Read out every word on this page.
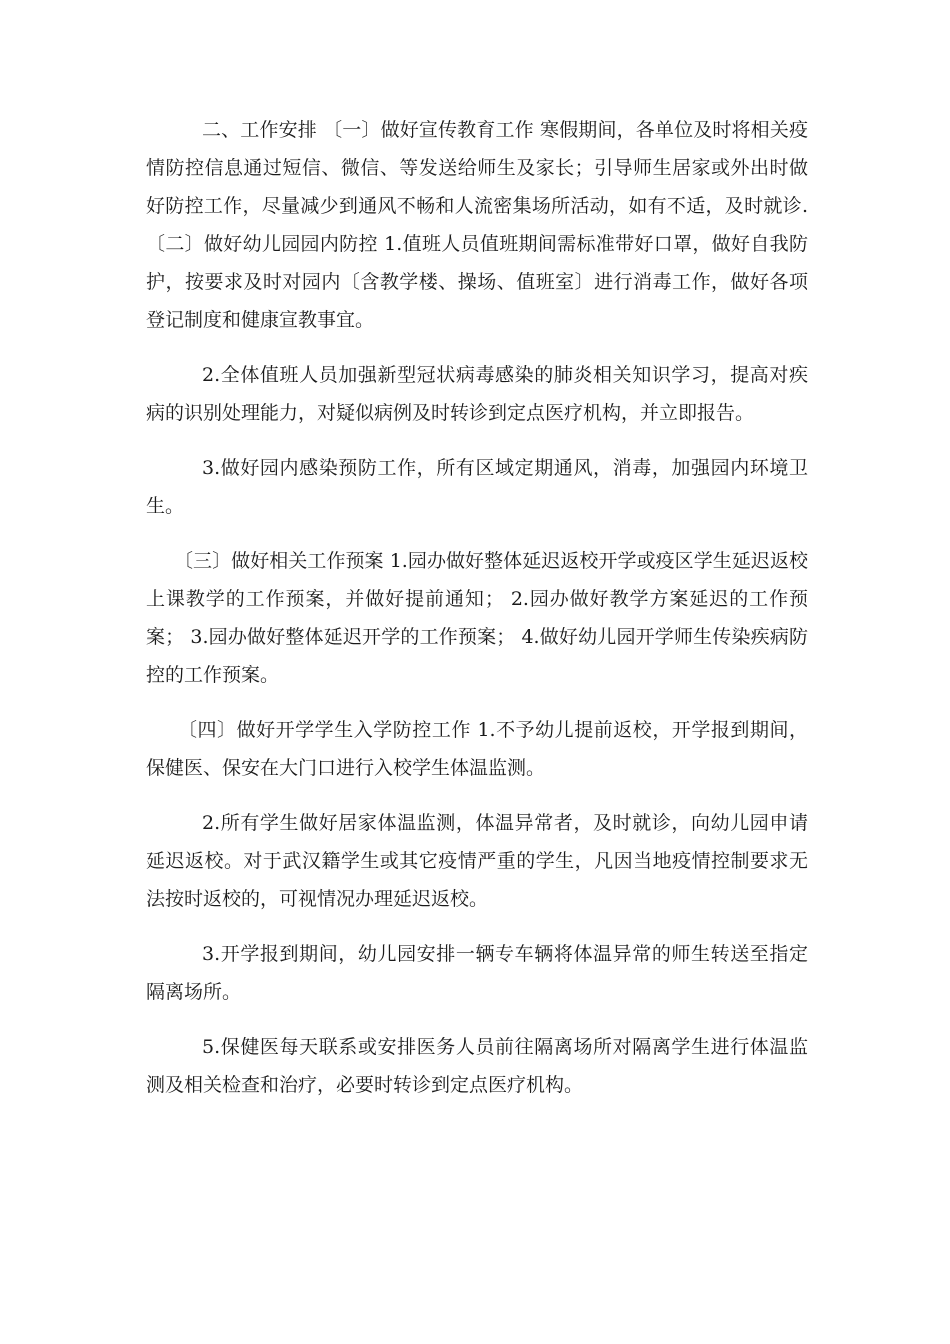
二、工作安排 〔一〕做好宣传教育工作 寒假期间，各单位及时将相关疫情防控信息通过短信、微信、等发送给师生及家长；引导师生居家或外出时做好防控工作，尽量减少到通风不畅和人流密集场所活动，如有不适，及时就诊. 〔二〕做好幼儿园园内防控 1.值班人员值班期间需标准带好口罩，做好自我防护，按要求及时对园内〔含教学楼、操场、值班室〕进行消毒工作，做好各项登记制度和健康宣教事宜。

2.全体值班人员加强新型冠状病毒感染的肺炎相关知识学习，提高对疾病的识别处理能力，对疑似病例及时转诊到定点医疗机构，并立即报告。

3.做好园内感染预防工作，所有区域定期通风，消毒，加强园内环境卫生。

〔三〕做好相关工作预案 1.园办做好整体延迟返校开学或疫区学生延迟返校上课教学的工作预案，并做好提前通知； 2.园办做好教学方案延迟的工作预案； 3.园办做好整体延迟开学的工作预案； 4.做好幼儿园开学师生传染疾病防控的工作预案。

〔四〕做好开学学生入学防控工作 1.不予幼儿提前返校，开学报到期间，保健医、保安在大门口进行入校学生体温监测。

2.所有学生做好居家体温监测，体温异常者，及时就诊，向幼儿园申请延迟返校。对于武汉籍学生或其它疫情严重的学生，凡因当地疫情控制要求无法按时返校的，可视情况办理延迟返校。

3.开学报到期间，幼儿园安排一辆专车辆将体温异常的师生转送至指定隔离场所。

5.保健医每天联系或安排医务人员前往隔离场所对隔离学生进行体温监测及相关检查和治疗，必要时转诊到定点医疗机构。
